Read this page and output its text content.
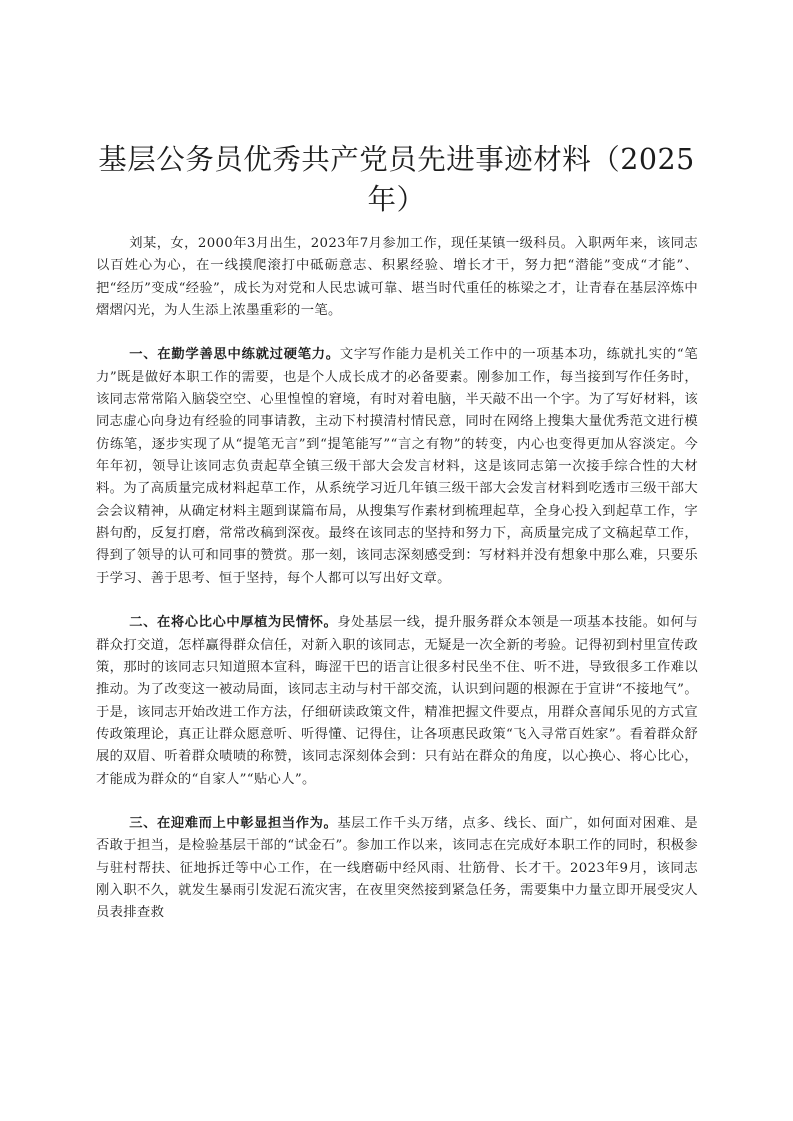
基层公务员优秀共产党员先进事迹材料（2025年）

刘某，女，2000年3月出生，2023年7月参加工作，现任某镇一级科员。入职两年来，该同志以百姓心为心，在一线摸爬滚打中砥砺意志、积累经验、增长才干，努力把“潜能”变成“才能”、把“经历”变成“经验”，成长为对党和人民忠诚可靠、堪当时代重任的栋梁之才，让青春在基层淬炼中熠熠闪光，为人生添上浓墨重彩的一笔。

一、在勤学善思中练就过硬笔力。文字写作能力是机关工作中的一项基本功，练就扎实的“笔力”既是做好本职工作的需要，也是个人成长成才的必备要素。刚参加工作，每当接到写作任务时，该同志常常陷入脑袋空空、心里惶惶的窘境，有时对着电脑，半天敲不出一个字。为了写好材料，该同志虚心向身边有经验的同事请教，主动下村摸清村情民意，同时在网络上搜集大量优秀范文进行模仿练笔，逐步实现了从“提笔无言”到“提笔能写”“言之有物”的转变，内心也变得更加从容淡定。今年年初，领导让该同志负责起草全镇三级干部大会发言材料，这是该同志第一次接手综合性的大材料。为了高质量完成材料起草工作，从系统学习近几年镇三级干部大会发言材料到吃透市三级干部大会会议精神，从确定材料主题到谋篇布局，从搜集写作素材到梳理起草，全身心投入到起草工作，字斟句酌，反复打磨，常常改稿到深夜。最终在该同志的坚持和努力下，高质量完成了文稿起草工作，得到了领导的认可和同事的赞赏。那一刻，该同志深刻感受到：写材料并没有想象中那么难，只要乐于学习、善于思考、恒于坚持，每个人都可以写出好文章。

二、在将心比心中厚植为民情怀。身处基层一线，提升服务群众本领是一项基本技能。如何与群众打交道，怎样赢得群众信任，对新入职的该同志，无疑是一次全新的考验。记得初到村里宣传政策，那时的该同志只知道照本宣科，晦涩干巴的语言让很多村民坐不住、听不进，导致很多工作难以推动。为了改变这一被动局面，该同志主动与村干部交流，认识到问题的根源在于宣讲“不接地气”。于是，该同志开始改进工作方法，仔细研读政策文件，精准把握文件要点，用群众喜闻乐见的方式宣传政策理论，真正让群众愿意听、听得懂、记得住，让各项惠民政策“飞入寻常百姓家”。看着群众舒展的双眉、听着群众啧啧的称赞，该同志深刻体会到：只有站在群众的角度，以心换心、将心比心，才能成为群众的“自家人”“贴心人”。

三、在迎难而上中彰显担当作为。基层工作千头万绪，点多、线长、面广，如何面对困难、是否敢于担当，是检验基层干部的“试金石”。参加工作以来，该同志在完成好本职工作的同时，积极参与驻村帮扶、征地拆迁等中心工作，在一线磨砺中经风雨、壮筋骨、长才干。2023年9月，该同志刚入职不久，就发生暴雨引发泥石流灾害，在夜里突然接到紧急任务，需要集中力量立即开展受灾人员表排查救
